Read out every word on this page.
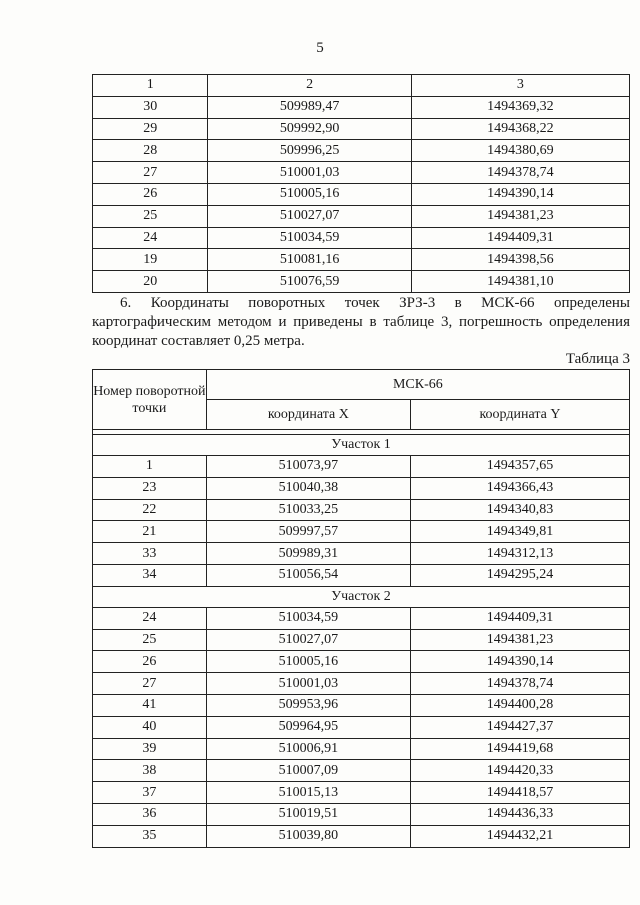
5
1	2	3
30	509989,47	1494369,32
29	509992,90	1494368,22
28	509996,25	1494380,69
27	510001,03	1494378,74
26	510005,16	1494390,14
25	510027,07	1494381,23
24	510034,59	1494409,31
19	510081,16	1494398,56
20	510076,59	1494381,10
6. Координаты поворотных точек ЗРЗ-3 в МСК-66 определены картографическим методом и приведены в таблице 3, погрешность определения координат составляет 0,25 метра.
Таблица 3
Номер поворотной точки	МСК-66	
	координата X	координата Y

Участок 1		
1	510073,97	1494357,65
23	510040,38	1494366,43
22	510033,25	1494340,83
21	509997,57	1494349,81
33	509989,31	1494312,13
34	510056,54	1494295,24
Участок 2		
24	510034,59	1494409,31
25	510027,07	1494381,23
26	510005,16	1494390,14
27	510001,03	1494378,74
41	509953,96	1494400,28
40	509964,95	1494427,37
39	510006,91	1494419,68
38	510007,09	1494420,33
37	510015,13	1494418,57
36	510019,51	1494436,33
35	510039,80	1494432,21
